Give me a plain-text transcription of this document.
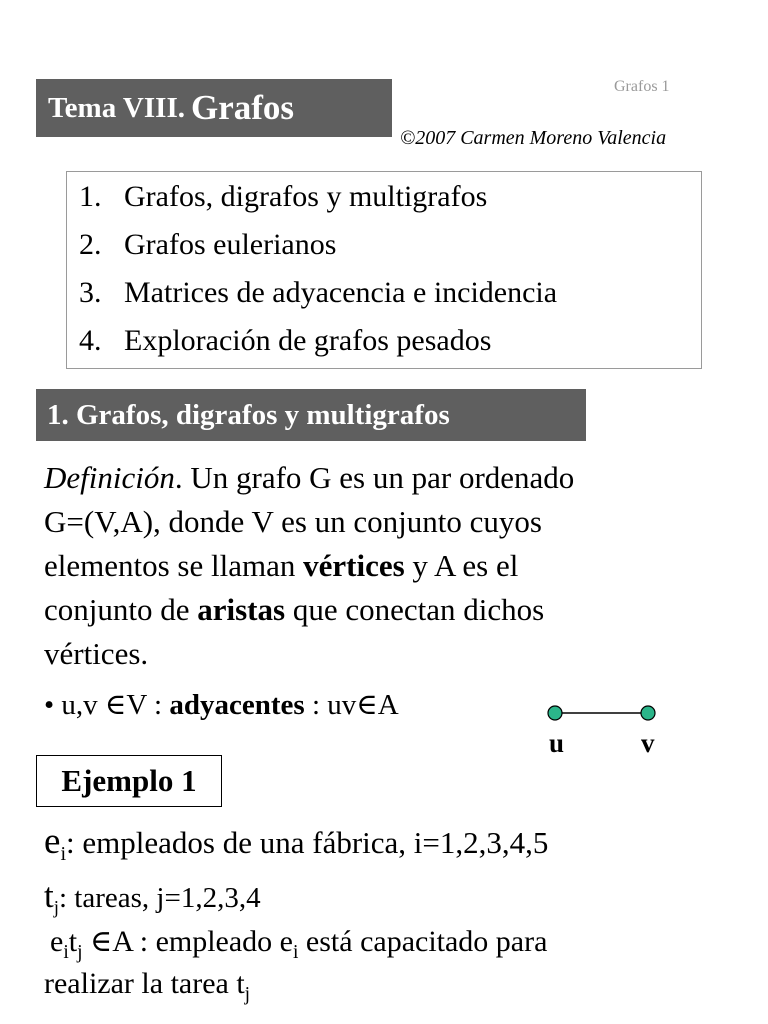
Tema VIII. Grafos
Grafos 1
©2007 Carmen Moreno Valencia
1. Grafos, digrafos y multigrafos
2. Grafos eulerianos
3. Matrices de adyacencia e incidencia
4. Exploración de grafos pesados
1. Grafos, digrafos y multigrafos
Definición. Un grafo G es un par ordenado
G=(V,A), donde V es un conjunto cuyos
elementos se llaman vértices y A es el
conjunto de aristas que conectan dichos
vértices.
• u,v ∈V : adyacentes : uv∈A
u	v
Ejemplo 1
$e_i$: empleados de una fábrica, i=1,2,3,4,5
$t_j$: tareas, j=1,2,3,4
$e_it_j$ ∈A : empleado $e_i$ está capacitado para
realizar la tarea $t_j$
